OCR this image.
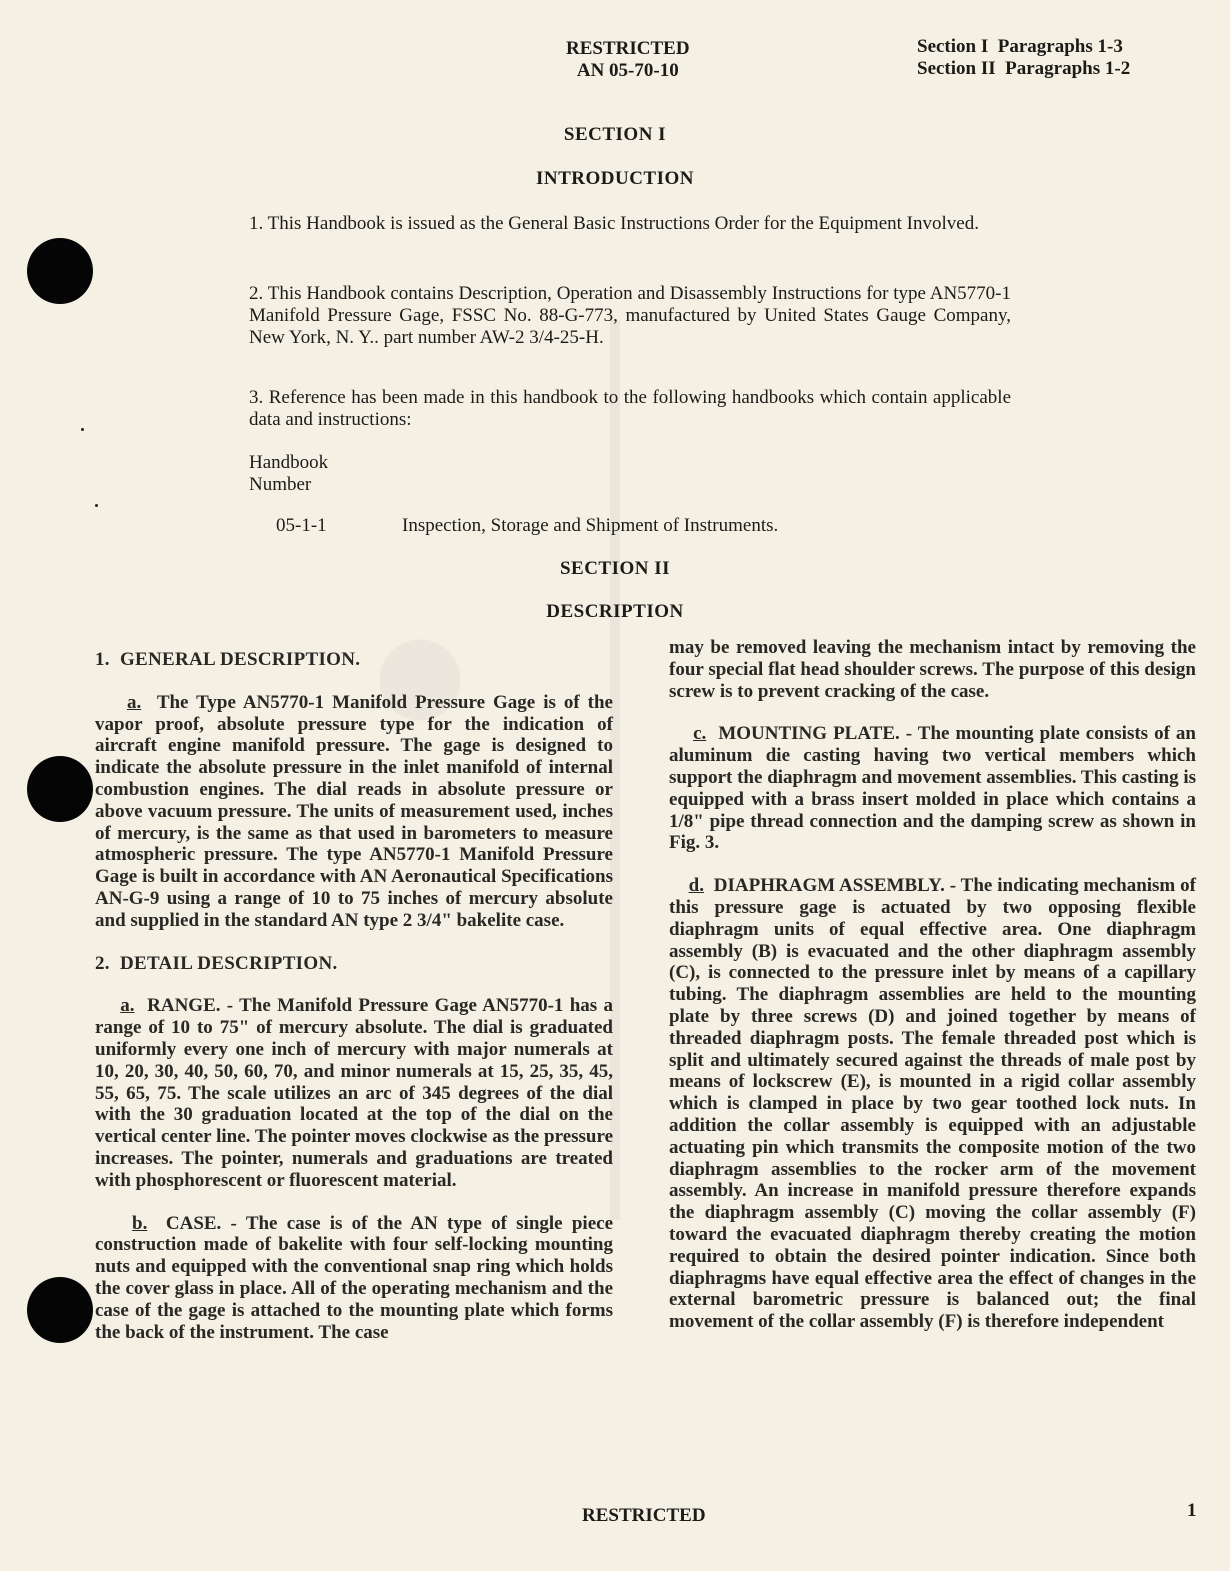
RESTRICTED
AN 05-70-10
Section I  Paragraphs 1-3
Section II  Paragraphs 1-2
SECTION I
INTRODUCTION
1. This Handbook is issued as the General Basic Instructions Order for the Equipment Involved.
2. This Handbook contains Description, Operation and Disassembly Instructions for type AN5770-1 Manifold Pressure Gage, FSSC No. 88-G-773, manufactured by United States Gauge Company, New York, N. Y.. part number AW-2 3/4-25-H.
3. Reference has been made in this handbook to the following handbooks which contain applicable data and instructions:
Handbook
Number
05-1-1	Inspection, Storage and Shipment of Instruments.
SECTION II
DESCRIPTION

1.  GENERAL DESCRIPTION.

a. The Type AN5770-1 Manifold Pressure Gage is of the vapor proof, absolute pressure type for the indication of aircraft engine manifold pressure. The gage is designed to indicate the absolute pressure in the inlet manifold of internal combustion engines. The dial reads in absolute pressure or above vacuum pressure. The units of measurement used, inches of mercury, is the same as that used in barometers to measure atmospheric pressure. The type AN5770-1 Manifold Pressure Gage is built in accordance with AN Aeronautical Specifications AN-G-9 using a range of 10 to 75 inches of mercury absolute and supplied in the standard AN type 2 3/4" bakelite case.

2.  DETAIL DESCRIPTION.

a. RANGE. - The Manifold Pressure Gage AN5770-1 has a range of 10 to 75" of mercury absolute. The dial is graduated uniformly every one inch of mercury with major numerals at 10, 20, 30, 40, 50, 60, 70, and minor numerals at 15, 25, 35, 45, 55, 65, 75. The scale utilizes an arc of 345 degrees of the dial with the 30 graduation located at the top of the dial on the vertical center line. The pointer moves clockwise as the pressure increases. The pointer, numerals and graduations are treated with phosphorescent or fluorescent material.

b. CASE. - The case is of the AN type of single piece construction made of bakelite with four self-locking mounting nuts and equipped with the conventional snap ring which holds the cover glass in place. All of the operating mechanism and the case of the gage is attached to the mounting plate which forms the back of the instrument. The case

may be removed leaving the mechanism intact by removing the four special flat head shoulder screws. The purpose of this design screw is to prevent cracking of the case.

c. MOUNTING PLATE. - The mounting plate consists of an aluminum die casting having two vertical members which support the diaphragm and movement assemblies. This casting is equipped with a brass insert molded in place which contains a 1/8" pipe thread connection and the damping screw as shown in Fig. 3.

d. DIAPHRAGM ASSEMBLY. - The indicating mechanism of this pressure gage is actuated by two opposing flexible diaphragm units of equal effective area. One diaphragm assembly (B) is evacuated and the other diaphragm assembly (C), is connected to the pressure inlet by means of a capillary tubing. The diaphragm assemblies are held to the mounting plate by three screws (D) and joined together by means of threaded diaphragm posts. The female threaded post which is split and ultimately secured against the threads of male post by means of lockscrew (E), is mounted in a rigid collar assembly which is clamped in place by two gear toothed lock nuts. In addition the collar assembly is equipped with an adjustable actuating pin which transmits the composite motion of the two diaphragm assemblies to the rocker arm of the movement assembly. An increase in manifold pressure therefore expands the diaphragm assembly (C) moving the collar assembly (F) toward the evacuated diaphragm thereby creating the motion required to obtain the desired pointer indication. Since both diaphragms have equal effective area the effect of changes in the external barometric pressure is balanced out; the final movement of the collar assembly (F) is therefore independent

RESTRICTED	1
